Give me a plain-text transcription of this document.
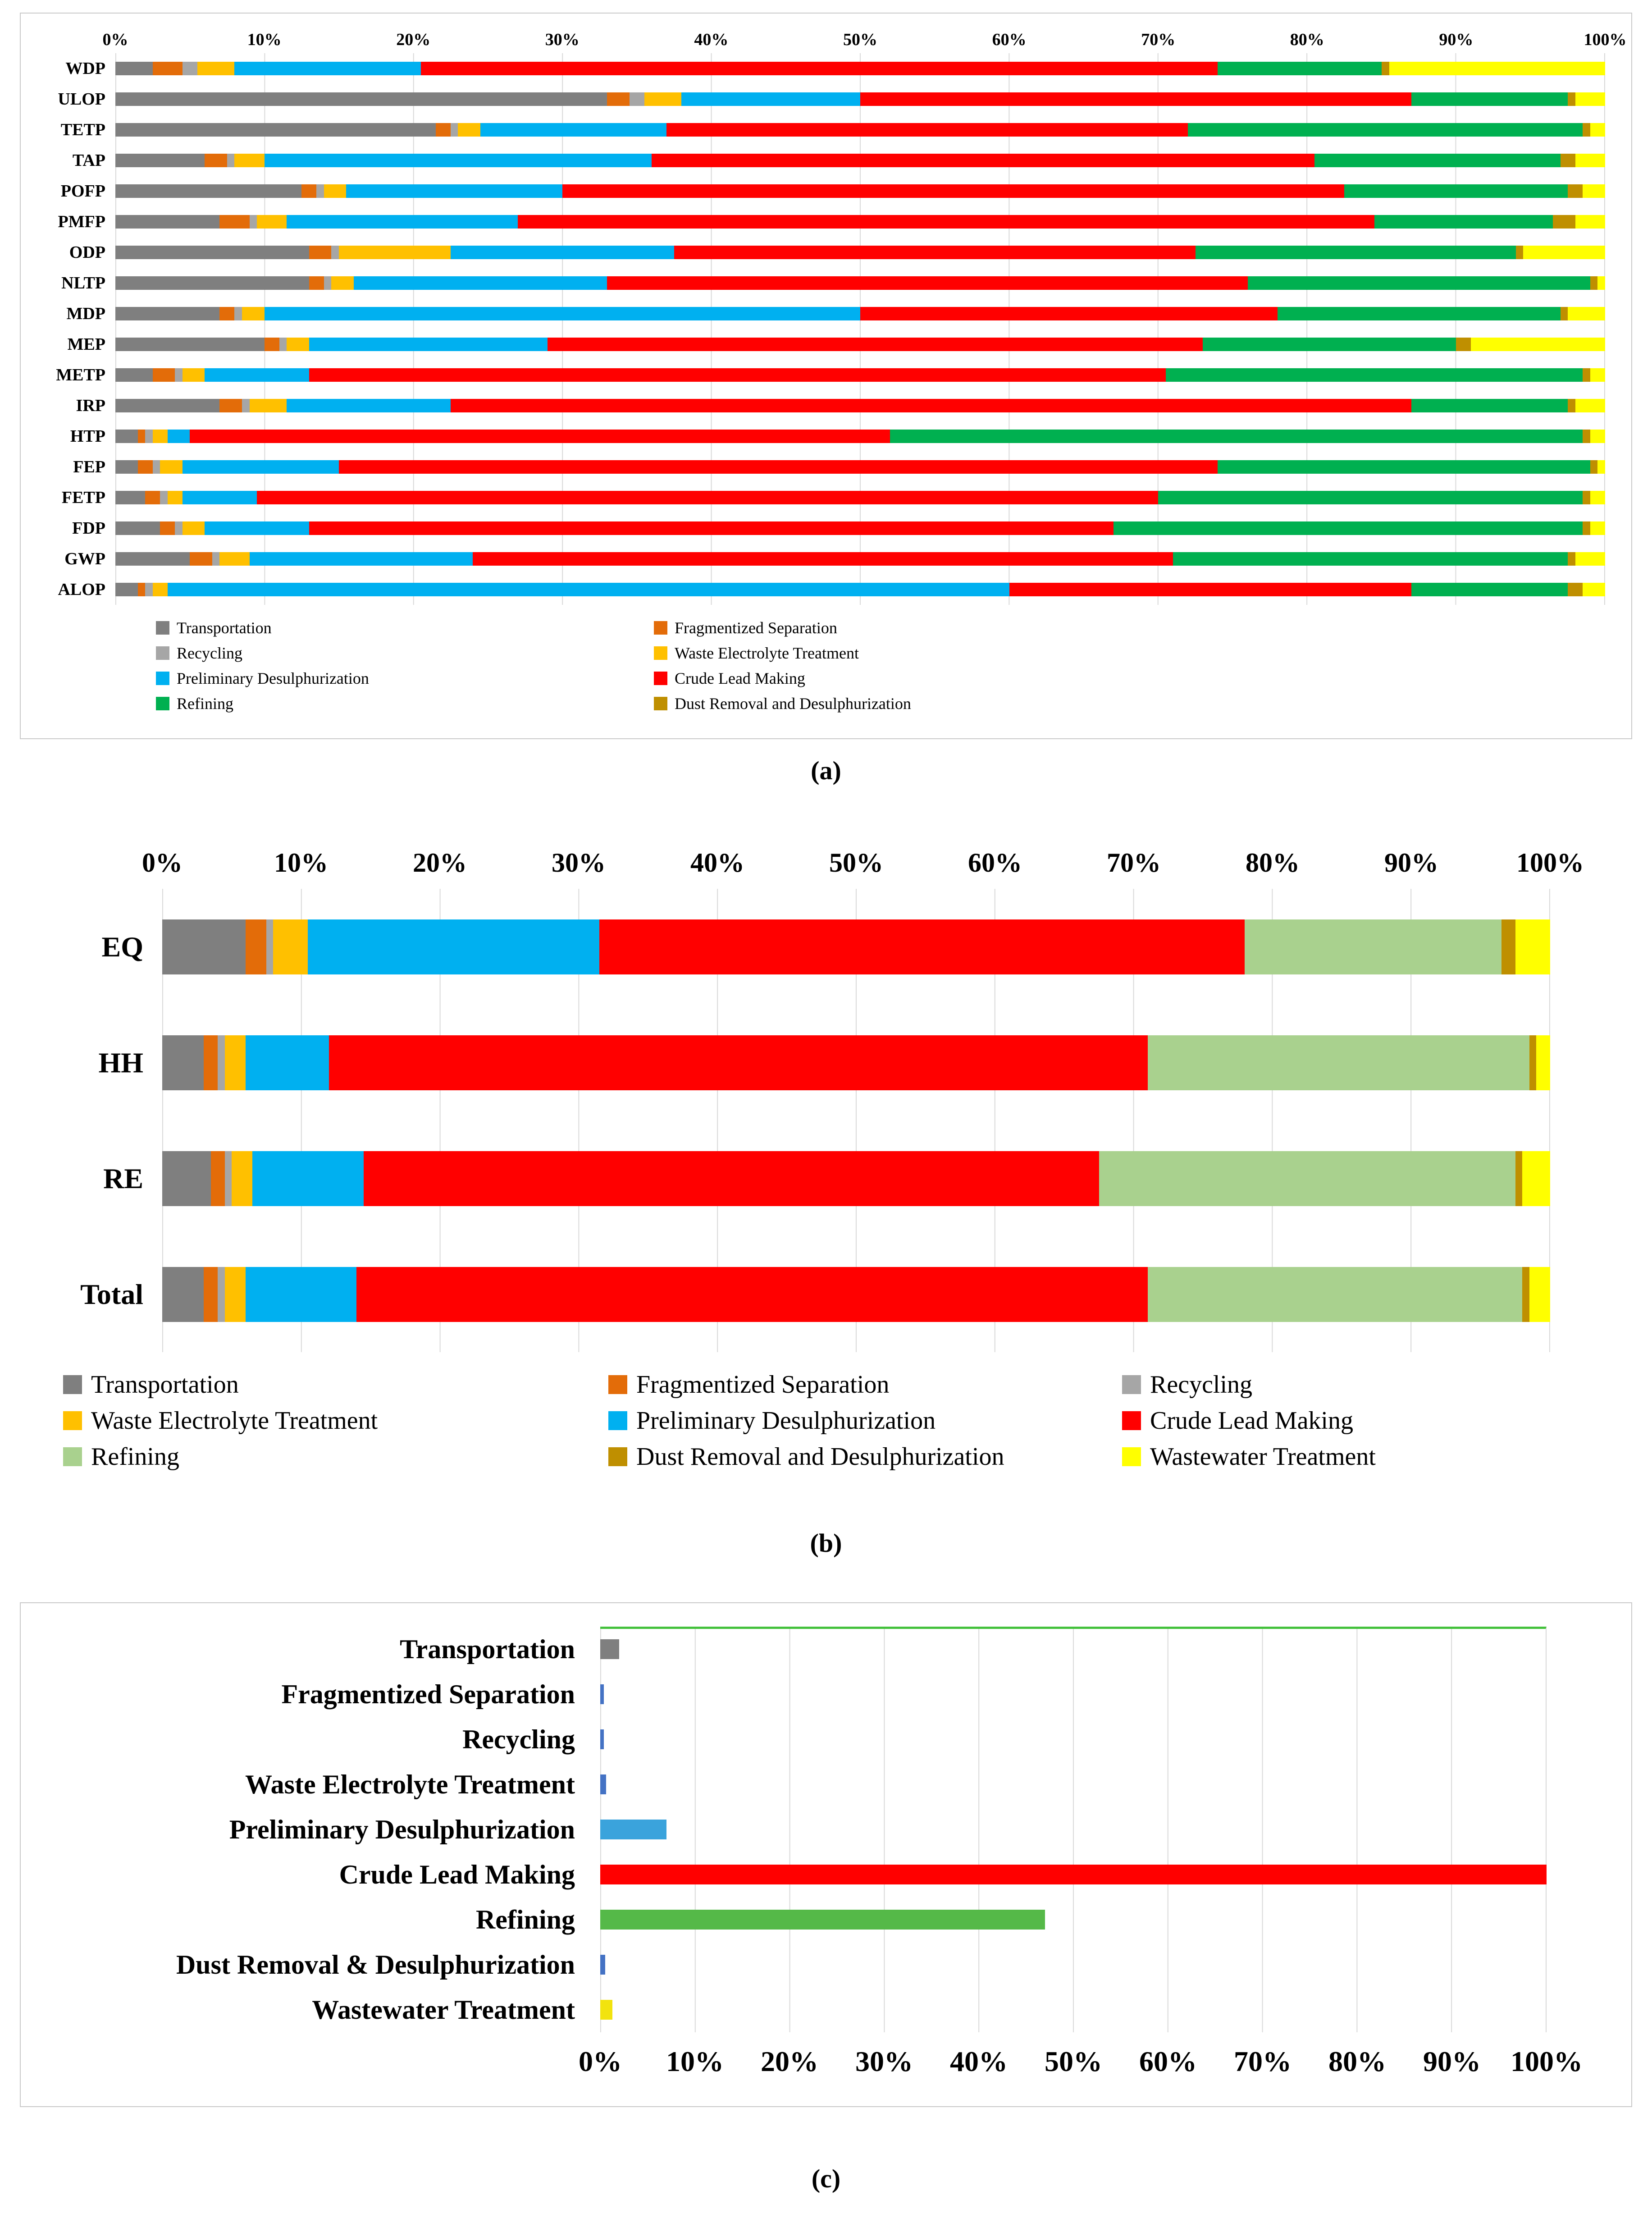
0%	10%	20%	30%	40%	50%	60%	70%	80%	90%	100%
WDP
ULOP
TETP
TAP
POFP
PMFP
ODP
NLTP
MDP
MEP
METP
IRP
HTP
FEP
FETP
FDP
GWP
ALOP
Transportation	Fragmentized Separation
Recycling	Waste Electrolyte Treatment
Preliminary Desulphurization	Crude Lead Making
Refining	Dust Removal and Desulphurization
(a)
0%	10%	20%	30%	40%	50%	60%	70%	80%	90%	100%
EQ
HH
RE
Total
Transportation	Fragmentized Separation	Recycling
Waste Electrolyte Treatment	Preliminary Desulphurization	Crude Lead Making
Refining	Dust Removal and Desulphurization	Wastewater Treatment
(b)
Transportation
Fragmentized Separation
Recycling
Waste Electrolyte Treatment
Preliminary Desulphurization
Crude Lead Making
Refining
Dust Removal & Desulphurization
Wastewater Treatment
0% 10% 20% 30% 40% 50% 60% 70% 80% 90% 100%
(c)
